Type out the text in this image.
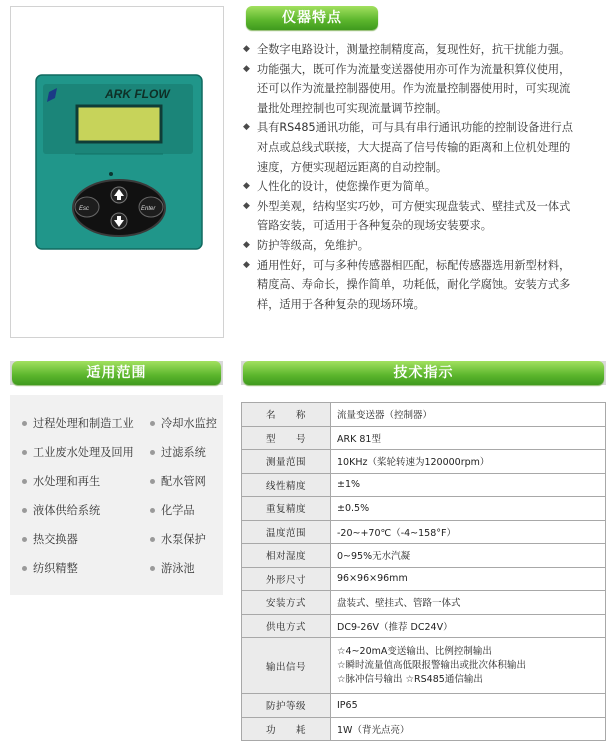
ARK FLOW
Esc	Enter
仪器特点
◆ 全数字电路设计，测量控制精度高，复现性好，抗干扰能力强。
◆ 功能强大，既可作为流量变送器使用亦可作为流量积算仪使用，
还可以作为流量控制器使用。作为流量控制器使用时，可实现流
量批处理控制也可实现流量调节控制。
◆ 具有RS485通讯功能，可与具有串行通讯功能的控制设备进行点
对点或总线式联接，大大提高了信号传输的距离和上位机处理的
速度，方便实现超远距离的自动控制。
◆ 人性化的设计，使您操作更为简单。
◆ 外型美观，结构坚实巧妙，可方便实现盘装式、壁挂式及一体式
管路安装，可适用于各种复杂的现场安装要求。
◆ 防护等级高，免维护。
◆ 通用性好，可与多种传感器相匹配，标配传感器选用新型材料，
精度高、寿命长，操作简单，功耗低，耐化学腐蚀。安装方式多
样，适用于各种复杂的现场环境。
适用范围
过程处理和制造工业
工业废水处理及回用
水处理和再生
液体供给系统
热交换器
纺织精整
冷却水监控
过滤系统
配水管网
化学品
水泵保护
游泳池
技术指示
名　　称	流量变送器（控制器）

型　　号	ARK 81型

测量范围	10KHz（桨轮转速为120000rpm）

线性精度	±1%

重复精度	±0.5%

温度范围	-20~+70℃（-4~158°F）

相对湿度	0~95%无水汽凝

外形尺寸	96×96×96mm

安装方式	盘装式、壁挂式、管路一体式

供电方式	DC9-26V（推荐 DC24V）

输出信号	☆4~20mA变送输出、比例控制输出
☆瞬时流量值高低限报警输出或批次体积输出
☆脉冲信号输出 ☆RS485通信输出

防护等级	IP65

功　　耗	1W（背光点亮）
